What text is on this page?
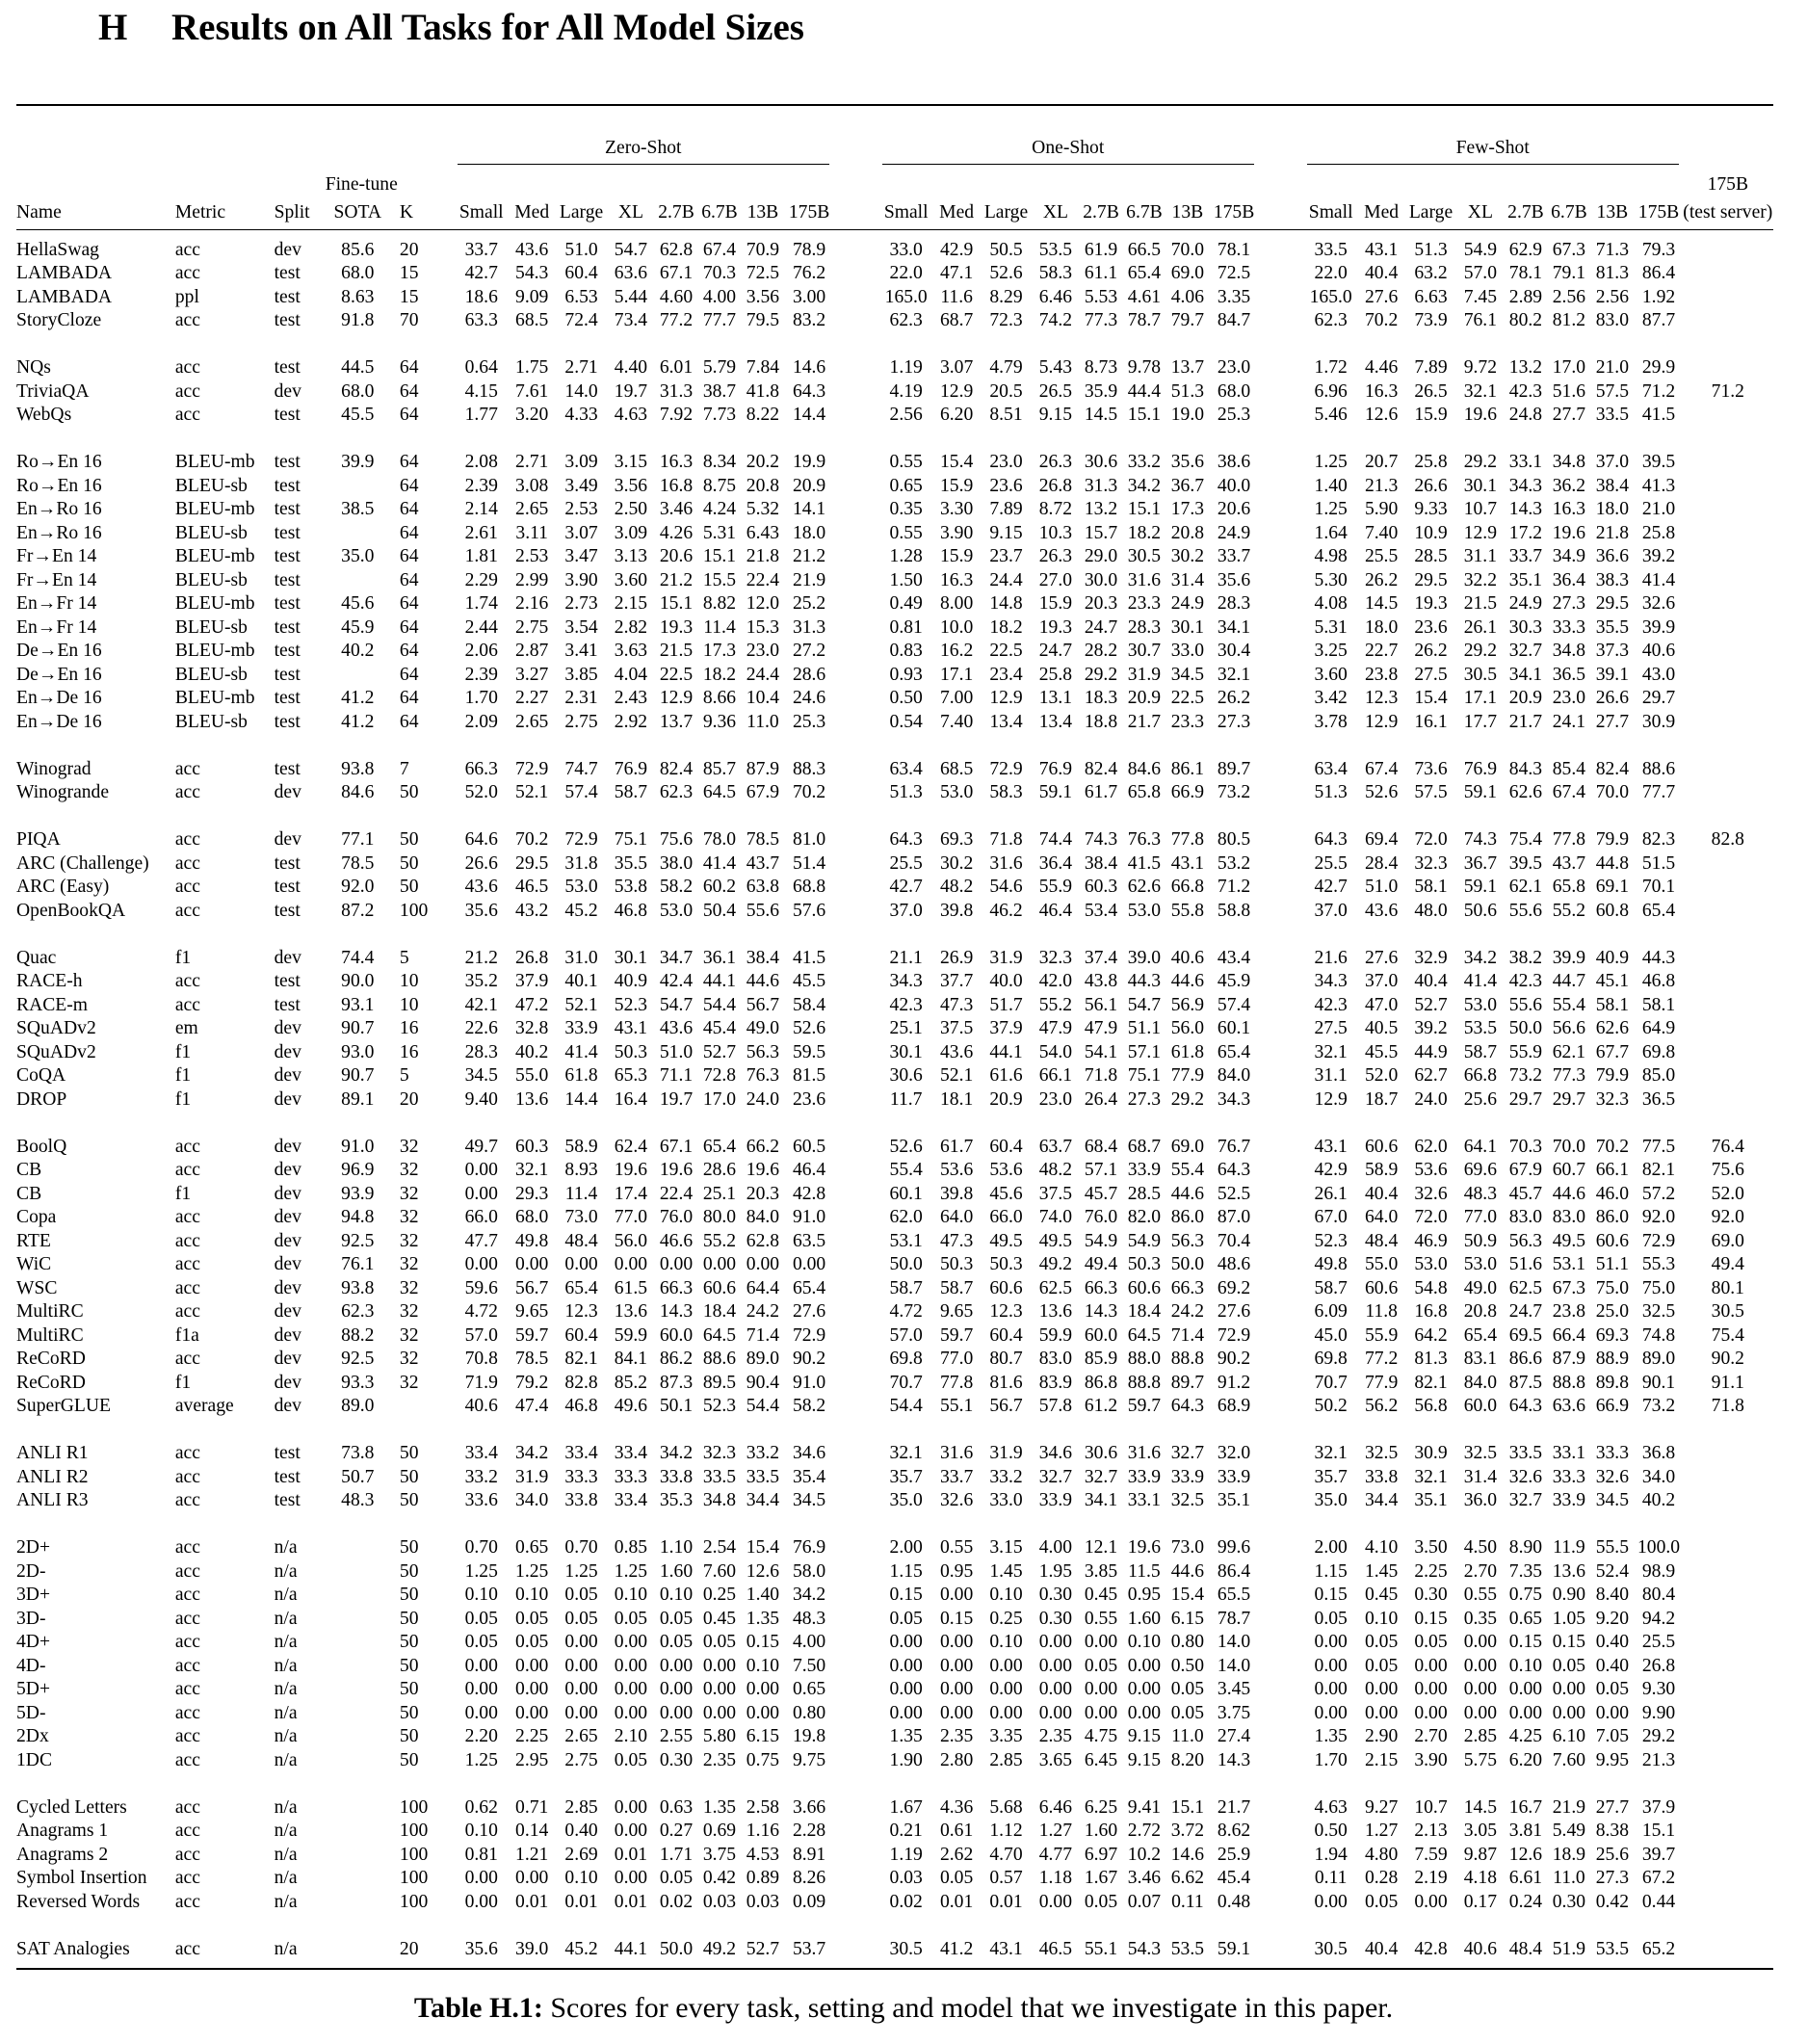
H Results on All Tasks for All Model Sizes

					Zero-Shot									One-Shot									Few-Shot								

			Fine-tune																												175B
Name	Metric	Split	SOTA	K	Small	Med	Large	XL	2.7B	6.7B	13B	175B		Small	Med	Large	XL	2.7B	6.7B	13B	175B		Small	Med	Large	XL	2.7B	6.7B	13B	175B	(test server)
HellaSwag	acc	dev	85.6	20	33.7	43.6	51.0	54.7	62.8	67.4	70.9	78.9		33.0	42.9	50.5	53.5	61.9	66.5	70.0	78.1		33.5	43.1	51.3	54.9	62.9	67.3	71.3	79.3	
LAMBADA	acc	test	68.0	15	42.7	54.3	60.4	63.6	67.1	70.3	72.5	76.2		22.0	47.1	52.6	58.3	61.1	65.4	69.0	72.5		22.0	40.4	63.2	57.0	78.1	79.1	81.3	86.4	
LAMBADA	ppl	test	8.63	15	18.6	9.09	6.53	5.44	4.60	4.00	3.56	3.00		165.0	11.6	8.29	6.46	5.53	4.61	4.06	3.35		165.0	27.6	6.63	7.45	2.89	2.56	2.56	1.92	
StoryCloze	acc	test	91.8	70	63.3	68.5	72.4	73.4	77.2	77.7	79.5	83.2		62.3	68.7	72.3	74.2	77.3	78.7	79.7	84.7		62.3	70.2	73.9	76.1	80.2	81.2	83.0	87.7	

NQs	acc	test	44.5	64	0.64	1.75	2.71	4.40	6.01	5.79	7.84	14.6		1.19	3.07	4.79	5.43	8.73	9.78	13.7	23.0		1.72	4.46	7.89	9.72	13.2	17.0	21.0	29.9	
TriviaQA	acc	dev	68.0	64	4.15	7.61	14.0	19.7	31.3	38.7	41.8	64.3		4.19	12.9	20.5	26.5	35.9	44.4	51.3	68.0		6.96	16.3	26.5	32.1	42.3	51.6	57.5	71.2	71.2
WebQs	acc	test	45.5	64	1.77	3.20	4.33	4.63	7.92	7.73	8.22	14.4		2.56	6.20	8.51	9.15	14.5	15.1	19.0	25.3		5.46	12.6	15.9	19.6	24.8	27.7	33.5	41.5	

Ro→En 16	BLEU-mb	test	39.9	64	2.08	2.71	3.09	3.15	16.3	8.34	20.2	19.9		0.55	15.4	23.0	26.3	30.6	33.2	35.6	38.6		1.25	20.7	25.8	29.2	33.1	34.8	37.0	39.5	
Ro→En 16	BLEU-sb	test		64	2.39	3.08	3.49	3.56	16.8	8.75	20.8	20.9		0.65	15.9	23.6	26.8	31.3	34.2	36.7	40.0		1.40	21.3	26.6	30.1	34.3	36.2	38.4	41.3	
En→Ro 16	BLEU-mb	test	38.5	64	2.14	2.65	2.53	2.50	3.46	4.24	5.32	14.1		0.35	3.30	7.89	8.72	13.2	15.1	17.3	20.6		1.25	5.90	9.33	10.7	14.3	16.3	18.0	21.0	
En→Ro 16	BLEU-sb	test		64	2.61	3.11	3.07	3.09	4.26	5.31	6.43	18.0		0.55	3.90	9.15	10.3	15.7	18.2	20.8	24.9		1.64	7.40	10.9	12.9	17.2	19.6	21.8	25.8	
Fr→En 14	BLEU-mb	test	35.0	64	1.81	2.53	3.47	3.13	20.6	15.1	21.8	21.2		1.28	15.9	23.7	26.3	29.0	30.5	30.2	33.7		4.98	25.5	28.5	31.1	33.7	34.9	36.6	39.2	
Fr→En 14	BLEU-sb	test		64	2.29	2.99	3.90	3.60	21.2	15.5	22.4	21.9		1.50	16.3	24.4	27.0	30.0	31.6	31.4	35.6		5.30	26.2	29.5	32.2	35.1	36.4	38.3	41.4	
En→Fr 14	BLEU-mb	test	45.6	64	1.74	2.16	2.73	2.15	15.1	8.82	12.0	25.2		0.49	8.00	14.8	15.9	20.3	23.3	24.9	28.3		4.08	14.5	19.3	21.5	24.9	27.3	29.5	32.6	
En→Fr 14	BLEU-sb	test	45.9	64	2.44	2.75	3.54	2.82	19.3	11.4	15.3	31.3		0.81	10.0	18.2	19.3	24.7	28.3	30.1	34.1		5.31	18.0	23.6	26.1	30.3	33.3	35.5	39.9	
De→En 16	BLEU-mb	test	40.2	64	2.06	2.87	3.41	3.63	21.5	17.3	23.0	27.2		0.83	16.2	22.5	24.7	28.2	30.7	33.0	30.4		3.25	22.7	26.2	29.2	32.7	34.8	37.3	40.6	
De→En 16	BLEU-sb	test		64	2.39	3.27	3.85	4.04	22.5	18.2	24.4	28.6		0.93	17.1	23.4	25.8	29.2	31.9	34.5	32.1		3.60	23.8	27.5	30.5	34.1	36.5	39.1	43.0	
En→De 16	BLEU-mb	test	41.2	64	1.70	2.27	2.31	2.43	12.9	8.66	10.4	24.6		0.50	7.00	12.9	13.1	18.3	20.9	22.5	26.2		3.42	12.3	15.4	17.1	20.9	23.0	26.6	29.7	
En→De 16	BLEU-sb	test	41.2	64	2.09	2.65	2.75	2.92	13.7	9.36	11.0	25.3		0.54	7.40	13.4	13.4	18.8	21.7	23.3	27.3		3.78	12.9	16.1	17.7	21.7	24.1	27.7	30.9	

Winograd	acc	test	93.8	7	66.3	72.9	74.7	76.9	82.4	85.7	87.9	88.3		63.4	68.5	72.9	76.9	82.4	84.6	86.1	89.7		63.4	67.4	73.6	76.9	84.3	85.4	82.4	88.6	
Winogrande	acc	dev	84.6	50	52.0	52.1	57.4	58.7	62.3	64.5	67.9	70.2		51.3	53.0	58.3	59.1	61.7	65.8	66.9	73.2		51.3	52.6	57.5	59.1	62.6	67.4	70.0	77.7	

PIQA	acc	dev	77.1	50	64.6	70.2	72.9	75.1	75.6	78.0	78.5	81.0		64.3	69.3	71.8	74.4	74.3	76.3	77.8	80.5		64.3	69.4	72.0	74.3	75.4	77.8	79.9	82.3	82.8
ARC (Challenge)	acc	test	78.5	50	26.6	29.5	31.8	35.5	38.0	41.4	43.7	51.4		25.5	30.2	31.6	36.4	38.4	41.5	43.1	53.2		25.5	28.4	32.3	36.7	39.5	43.7	44.8	51.5	
ARC (Easy)	acc	test	92.0	50	43.6	46.5	53.0	53.8	58.2	60.2	63.8	68.8		42.7	48.2	54.6	55.9	60.3	62.6	66.8	71.2		42.7	51.0	58.1	59.1	62.1	65.8	69.1	70.1	
OpenBookQA	acc	test	87.2	100	35.6	43.2	45.2	46.8	53.0	50.4	55.6	57.6		37.0	39.8	46.2	46.4	53.4	53.0	55.8	58.8		37.0	43.6	48.0	50.6	55.6	55.2	60.8	65.4	

Quac	f1	dev	74.4	5	21.2	26.8	31.0	30.1	34.7	36.1	38.4	41.5		21.1	26.9	31.9	32.3	37.4	39.0	40.6	43.4		21.6	27.6	32.9	34.2	38.2	39.9	40.9	44.3	
RACE-h	acc	test	90.0	10	35.2	37.9	40.1	40.9	42.4	44.1	44.6	45.5		34.3	37.7	40.0	42.0	43.8	44.3	44.6	45.9		34.3	37.0	40.4	41.4	42.3	44.7	45.1	46.8	
RACE-m	acc	test	93.1	10	42.1	47.2	52.1	52.3	54.7	54.4	56.7	58.4		42.3	47.3	51.7	55.2	56.1	54.7	56.9	57.4		42.3	47.0	52.7	53.0	55.6	55.4	58.1	58.1	
SQuADv2	em	dev	90.7	16	22.6	32.8	33.9	43.1	43.6	45.4	49.0	52.6		25.1	37.5	37.9	47.9	47.9	51.1	56.0	60.1		27.5	40.5	39.2	53.5	50.0	56.6	62.6	64.9	
SQuADv2	f1	dev	93.0	16	28.3	40.2	41.4	50.3	51.0	52.7	56.3	59.5		30.1	43.6	44.1	54.0	54.1	57.1	61.8	65.4		32.1	45.5	44.9	58.7	55.9	62.1	67.7	69.8	
CoQA	f1	dev	90.7	5	34.5	55.0	61.8	65.3	71.1	72.8	76.3	81.5		30.6	52.1	61.6	66.1	71.8	75.1	77.9	84.0		31.1	52.0	62.7	66.8	73.2	77.3	79.9	85.0	
DROP	f1	dev	89.1	20	9.40	13.6	14.4	16.4	19.7	17.0	24.0	23.6		11.7	18.1	20.9	23.0	26.4	27.3	29.2	34.3		12.9	18.7	24.0	25.6	29.7	29.7	32.3	36.5	

BoolQ	acc	dev	91.0	32	49.7	60.3	58.9	62.4	67.1	65.4	66.2	60.5		52.6	61.7	60.4	63.7	68.4	68.7	69.0	76.7		43.1	60.6	62.0	64.1	70.3	70.0	70.2	77.5	76.4
CB	acc	dev	96.9	32	0.00	32.1	8.93	19.6	19.6	28.6	19.6	46.4		55.4	53.6	53.6	48.2	57.1	33.9	55.4	64.3		42.9	58.9	53.6	69.6	67.9	60.7	66.1	82.1	75.6
CB	f1	dev	93.9	32	0.00	29.3	11.4	17.4	22.4	25.1	20.3	42.8		60.1	39.8	45.6	37.5	45.7	28.5	44.6	52.5		26.1	40.4	32.6	48.3	45.7	44.6	46.0	57.2	52.0
Copa	acc	dev	94.8	32	66.0	68.0	73.0	77.0	76.0	80.0	84.0	91.0		62.0	64.0	66.0	74.0	76.0	82.0	86.0	87.0		67.0	64.0	72.0	77.0	83.0	83.0	86.0	92.0	92.0
RTE	acc	dev	92.5	32	47.7	49.8	48.4	56.0	46.6	55.2	62.8	63.5		53.1	47.3	49.5	49.5	54.9	54.9	56.3	70.4		52.3	48.4	46.9	50.9	56.3	49.5	60.6	72.9	69.0
WiC	acc	dev	76.1	32	0.00	0.00	0.00	0.00	0.00	0.00	0.00	0.00		50.0	50.3	50.3	49.2	49.4	50.3	50.0	48.6		49.8	55.0	53.0	53.0	51.6	53.1	51.1	55.3	49.4
WSC	acc	dev	93.8	32	59.6	56.7	65.4	61.5	66.3	60.6	64.4	65.4		58.7	58.7	60.6	62.5	66.3	60.6	66.3	69.2		58.7	60.6	54.8	49.0	62.5	67.3	75.0	75.0	80.1
MultiRC	acc	dev	62.3	32	4.72	9.65	12.3	13.6	14.3	18.4	24.2	27.6		4.72	9.65	12.3	13.6	14.3	18.4	24.2	27.6		6.09	11.8	16.8	20.8	24.7	23.8	25.0	32.5	30.5
MultiRC	f1a	dev	88.2	32	57.0	59.7	60.4	59.9	60.0	64.5	71.4	72.9		57.0	59.7	60.4	59.9	60.0	64.5	71.4	72.9		45.0	55.9	64.2	65.4	69.5	66.4	69.3	74.8	75.4
ReCoRD	acc	dev	92.5	32	70.8	78.5	82.1	84.1	86.2	88.6	89.0	90.2		69.8	77.0	80.7	83.0	85.9	88.0	88.8	90.2		69.8	77.2	81.3	83.1	86.6	87.9	88.9	89.0	90.2
ReCoRD	f1	dev	93.3	32	71.9	79.2	82.8	85.2	87.3	89.5	90.4	91.0		70.7	77.8	81.6	83.9	86.8	88.8	89.7	91.2		70.7	77.9	82.1	84.0	87.5	88.8	89.8	90.1	91.1
SuperGLUE	average	dev	89.0		40.6	47.4	46.8	49.6	50.1	52.3	54.4	58.2		54.4	55.1	56.7	57.8	61.2	59.7	64.3	68.9		50.2	56.2	56.8	60.0	64.3	63.6	66.9	73.2	71.8

ANLI R1	acc	test	73.8	50	33.4	34.2	33.4	33.4	34.2	32.3	33.2	34.6		32.1	31.6	31.9	34.6	30.6	31.6	32.7	32.0		32.1	32.5	30.9	32.5	33.5	33.1	33.3	36.8	
ANLI R2	acc	test	50.7	50	33.2	31.9	33.3	33.3	33.8	33.5	33.5	35.4		35.7	33.7	33.2	32.7	32.7	33.9	33.9	33.9		35.7	33.8	32.1	31.4	32.6	33.3	32.6	34.0	
ANLI R3	acc	test	48.3	50	33.6	34.0	33.8	33.4	35.3	34.8	34.4	34.5		35.0	32.6	33.0	33.9	34.1	33.1	32.5	35.1		35.0	34.4	35.1	36.0	32.7	33.9	34.5	40.2	

2D+	acc	n/a		50	0.70	0.65	0.70	0.85	1.10	2.54	15.4	76.9		2.00	0.55	3.15	4.00	12.1	19.6	73.0	99.6		2.00	4.10	3.50	4.50	8.90	11.9	55.5	100.0	
2D-	acc	n/a		50	1.25	1.25	1.25	1.25	1.60	7.60	12.6	58.0		1.15	0.95	1.45	1.95	3.85	11.5	44.6	86.4		1.15	1.45	2.25	2.70	7.35	13.6	52.4	98.9	
3D+	acc	n/a		50	0.10	0.10	0.05	0.10	0.10	0.25	1.40	34.2		0.15	0.00	0.10	0.30	0.45	0.95	15.4	65.5		0.15	0.45	0.30	0.55	0.75	0.90	8.40	80.4	
3D-	acc	n/a		50	0.05	0.05	0.05	0.05	0.05	0.45	1.35	48.3		0.05	0.15	0.25	0.30	0.55	1.60	6.15	78.7		0.05	0.10	0.15	0.35	0.65	1.05	9.20	94.2	
4D+	acc	n/a		50	0.05	0.05	0.00	0.00	0.05	0.05	0.15	4.00		0.00	0.00	0.10	0.00	0.00	0.10	0.80	14.0		0.00	0.05	0.05	0.00	0.15	0.15	0.40	25.5	
4D-	acc	n/a		50	0.00	0.00	0.00	0.00	0.00	0.00	0.10	7.50		0.00	0.00	0.00	0.00	0.05	0.00	0.50	14.0		0.00	0.05	0.00	0.00	0.10	0.05	0.40	26.8	
5D+	acc	n/a		50	0.00	0.00	0.00	0.00	0.00	0.00	0.00	0.65		0.00	0.00	0.00	0.00	0.00	0.00	0.05	3.45		0.00	0.00	0.00	0.00	0.00	0.00	0.05	9.30	
5D-	acc	n/a		50	0.00	0.00	0.00	0.00	0.00	0.00	0.00	0.80		0.00	0.00	0.00	0.00	0.00	0.00	0.05	3.75		0.00	0.00	0.00	0.00	0.00	0.00	0.00	9.90	
2Dx	acc	n/a		50	2.20	2.25	2.65	2.10	2.55	5.80	6.15	19.8		1.35	2.35	3.35	2.35	4.75	9.15	11.0	27.4		1.35	2.90	2.70	2.85	4.25	6.10	7.05	29.2	
1DC	acc	n/a		50	1.25	2.95	2.75	0.05	0.30	2.35	0.75	9.75		1.90	2.80	2.85	3.65	6.45	9.15	8.20	14.3		1.70	2.15	3.90	5.75	6.20	7.60	9.95	21.3	

Cycled Letters	acc	n/a		100	0.62	0.71	2.85	0.00	0.63	1.35	2.58	3.66		1.67	4.36	5.68	6.46	6.25	9.41	15.1	21.7		4.63	9.27	10.7	14.5	16.7	21.9	27.7	37.9	
Anagrams 1	acc	n/a		100	0.10	0.14	0.40	0.00	0.27	0.69	1.16	2.28		0.21	0.61	1.12	1.27	1.60	2.72	3.72	8.62		0.50	1.27	2.13	3.05	3.81	5.49	8.38	15.1	
Anagrams 2	acc	n/a		100	0.81	1.21	2.69	0.01	1.71	3.75	4.53	8.91		1.19	2.62	4.70	4.77	6.97	10.2	14.6	25.9		1.94	4.80	7.59	9.87	12.6	18.9	25.6	39.7	
Symbol Insertion	acc	n/a		100	0.00	0.00	0.10	0.00	0.05	0.42	0.89	8.26		0.03	0.05	0.57	1.18	1.67	3.46	6.62	45.4		0.11	0.28	2.19	4.18	6.61	11.0	27.3	67.2	
Reversed Words	acc	n/a		100	0.00	0.01	0.01	0.01	0.02	0.03	0.03	0.09		0.02	0.01	0.01	0.00	0.05	0.07	0.11	0.48		0.00	0.05	0.00	0.17	0.24	0.30	0.42	0.44	

SAT Analogies	acc	n/a		20	35.6	39.0	45.2	44.1	50.0	49.2	52.7	53.7		30.5	41.2	43.1	46.5	55.1	54.3	53.5	59.1		30.5	40.4	42.8	40.6	48.4	51.9	53.5	65.2	

Table H.1: Scores for every task, setting and model that we investigate in this paper.
